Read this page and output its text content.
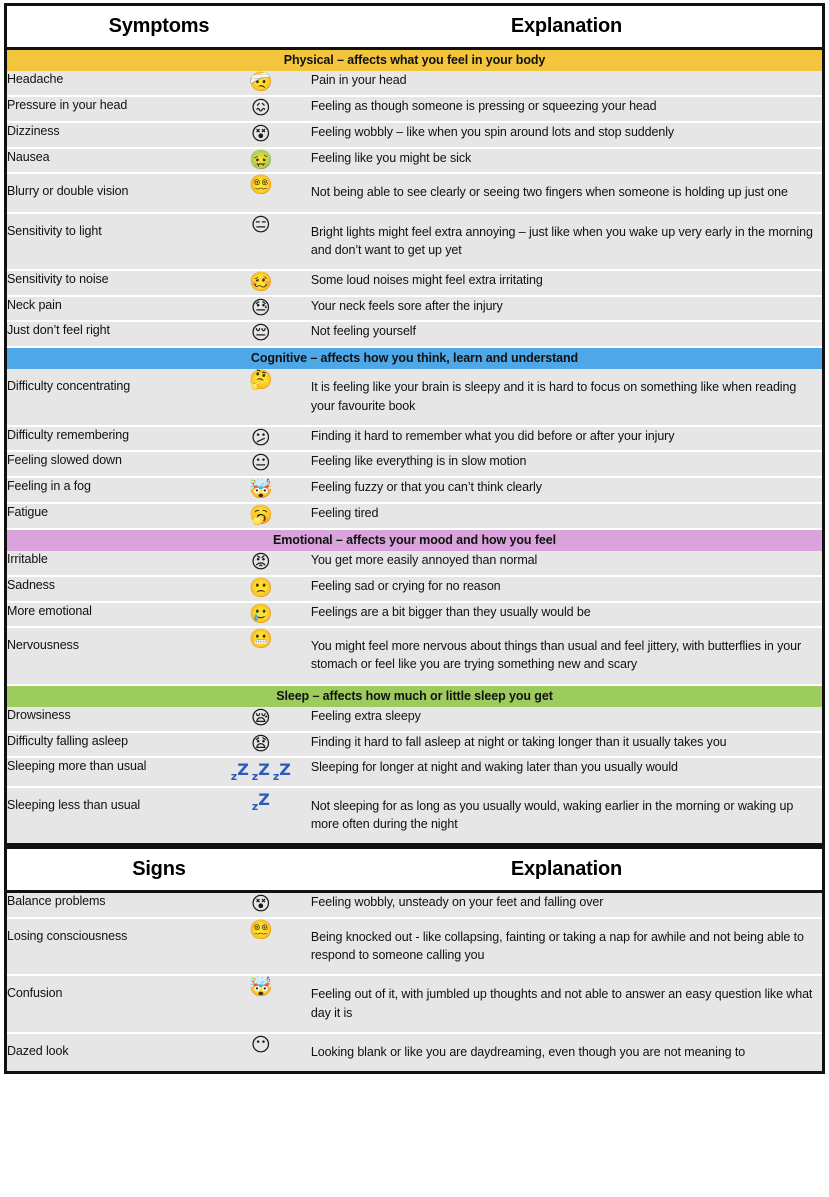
Symptoms		Explanation

Physical – affects what you feel in your body		
Headache	🤕	Pain in your head
Pressure in your head	😖	Feeling as though someone is pressing or squeezing your head
Dizziness	😵	Feeling wobbly – like when you spin around lots and stop suddenly
Nausea	🤢	Feeling like you might be sick
Blurry or double vision	😵‍💫	Not being able to see clearly or seeing two fingers when someone is holding up just one
Sensitivity to light	😑	Bright lights might feel extra annoying – just like when you wake up very early in the morning and don’t want to get up yet
Sensitivity to noise	🥴	Some loud noises might feel extra irritating
Neck pain	😓	Your neck feels sore after the injury
Just don’t feel right	😔	Not feeling yourself
Cognitive – affects how you think, learn and understand		
Difficulty concentrating	🤔	It is feeling like your brain is sleepy and it is hard to focus on something like when reading your favourite book
Difficulty remembering	😕	Finding it hard to remember what you did before or after your injury
Feeling slowed down	😐	Feeling like everything is in slow motion
Feeling in a fog	🤯	Feeling fuzzy or that you can’t think clearly
Fatigue	🥱	Feeling tired
Emotional – affects your mood and how you feel		
Irritable	😡	You get more easily annoyed than normal
Sadness	🙁	Feeling sad or crying for no reason
More emotional	🥲	Feelings are a bit bigger than they usually would be
Nervousness	😬	You might feel more nervous about things than usual and feel jittery, with butterflies in your stomach or feel like you are trying something new and scary
Sleep – affects how much or little sleep you get		
Drowsiness	😪	Feeling extra sleepy
Difficulty falling asleep	😧	Finding it hard to fall asleep at night or taking longer than it usually takes you
Sleeping more than usual	$z^Z$ $z^Z$ $z^Z$	Sleeping for longer at night and waking later than you usually would
Sleeping less than usual	$z^Z$	Not sleeping for as long as you usually would, waking earlier in the morning or waking up more often during the night
Signs		Explanation

Balance problems	😵	Feeling wobbly, unsteady on your feet and falling over
Losing consciousness	😵‍💫	Being knocked out - like collapsing, fainting or taking a nap for awhile and not being able to respond to someone calling you
Confusion	🤯	Feeling out of it, with jumbled up thoughts and not able to answer an easy question like what day it is
Dazed look	😶	Looking blank or like you are daydreaming, even though you are not meaning to
